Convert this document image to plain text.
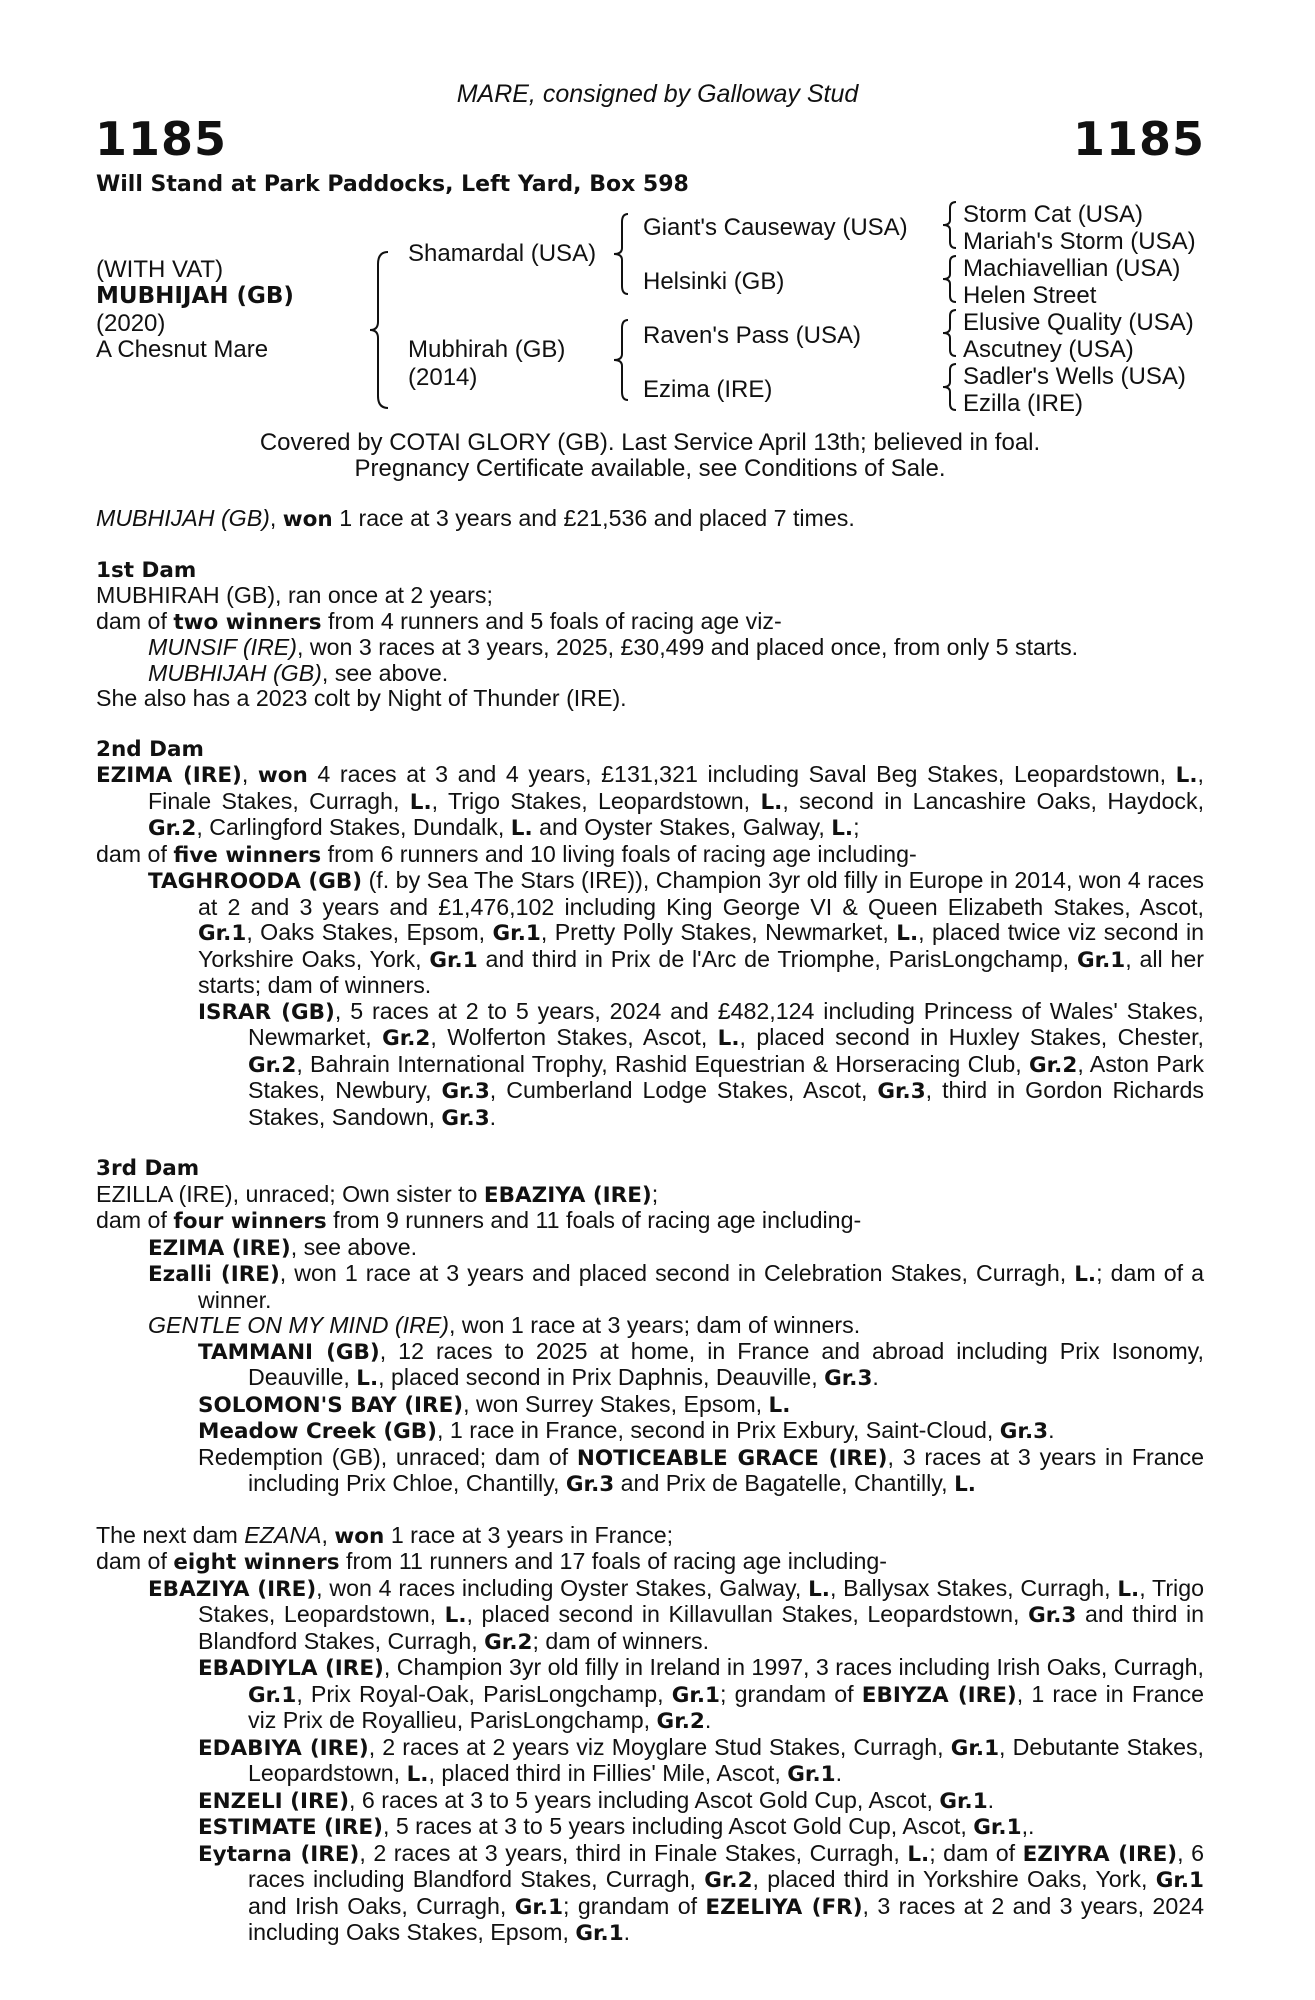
MARE, consigned by Galloway Stud
1185	1185
Will Stand at Park Paddocks, Left Yard, Box 598
(WITH VAT)
MUBHIJAH (GB)
(2020)
A Chesnut Mare
Shamardal (USA)
Mubhirah (GB)
(2014)
Giant's Causeway (USA)
Helsinki (GB)
Raven's Pass (USA)
Ezima (IRE)
Storm Cat (USA)
Mariah's Storm (USA)
Machiavellian (USA)
Helen Street
Elusive Quality (USA)
Ascutney (USA)
Sadler's Wells (USA)
Ezilla (IRE)
Covered by COTAI GLORY (GB). Last Service April 13th; believed in foal.
Pregnancy Certificate available, see Conditions of Sale.

MUBHIJAH (GB), won 1 race at 3 years and £21,536 and placed 7 times.

1st Dam

MUBHIRAH (GB), ran once at 2 years;

dam of two winners from 4 runners and 5 foals of racing age viz-

MUNSIF (IRE), won 3 races at 3 years, 2025, £30,499 and placed once, from only 5 starts.

MUBHIJAH (GB), see above.

She also has a 2023 colt by Night of Thunder (IRE).

2nd Dam

EZIMA (IRE), won 4 races at 3 and 4 years, £131,321 including Saval Beg Stakes, Leopardstown, L., Finale Stakes, Curragh, L., Trigo Stakes, Leopardstown, L., second in Lancashire Oaks, Haydock, Gr.2, Carlingford Stakes, Dundalk, L. and Oyster Stakes, Galway, L.;

dam of five winners from 6 runners and 10 living foals of racing age including-

TAGHROODA (GB) (f. by Sea The Stars (IRE)), Champion 3yr old filly in Europe in 2014, won 4 races at 2 and 3 years and £1,476,102 including King George VI & Queen Elizabeth Stakes, Ascot, Gr.1, Oaks Stakes, Epsom, Gr.1, Pretty Polly Stakes, Newmarket, L., placed twice viz second in Yorkshire Oaks, York, Gr.1 and third in Prix de l'Arc de Triomphe, ParisLongchamp, Gr.1, all her starts; dam of winners.

ISRAR (GB), 5 races at 2 to 5 years, 2024 and £482,124 including Princess of Wales' Stakes, Newmarket, Gr.2, Wolferton Stakes, Ascot, L., placed second in Huxley Stakes, Chester, Gr.2, Bahrain International Trophy, Rashid Equestrian & Horseracing Club, Gr.2, Aston Park Stakes, Newbury, Gr.3, Cumberland Lodge Stakes, Ascot, Gr.3, third in Gordon Richards Stakes, Sandown, Gr.3.

3rd Dam

EZILLA (IRE), unraced; Own sister to EBAZIYA (IRE);

dam of four winners from 9 runners and 11 foals of racing age including-

EZIMA (IRE), see above.

Ezalli (IRE), won 1 race at 3 years and placed second in Celebration Stakes, Curragh, L.; dam of a winner.

GENTLE ON MY MIND (IRE), won 1 race at 3 years; dam of winners.

TAMMANI (GB), 12 races to 2025 at home, in France and abroad including Prix Isonomy, Deauville, L., placed second in Prix Daphnis, Deauville, Gr.3.

SOLOMON'S BAY (IRE), won Surrey Stakes, Epsom, L.

Meadow Creek (GB), 1 race in France, second in Prix Exbury, Saint-Cloud, Gr.3.

Redemption (GB), unraced; dam of NOTICEABLE GRACE (IRE), 3 races at 3 years in France including Prix Chloe, Chantilly, Gr.3 and Prix de Bagatelle, Chantilly, L.

The next dam EZANA, won 1 race at 3 years in France;

dam of eight winners from 11 runners and 17 foals of racing age including-

EBAZIYA (IRE), won 4 races including Oyster Stakes, Galway, L., Ballysax Stakes, Curragh, L., Trigo Stakes, Leopardstown, L., placed second in Killavullan Stakes, Leopardstown, Gr.3 and third in Blandford Stakes, Curragh, Gr.2; dam of winners.

EBADIYLA (IRE), Champion 3yr old filly in Ireland in 1997, 3 races including Irish Oaks, Curragh, Gr.1, Prix Royal-Oak, ParisLongchamp, Gr.1; grandam of EBIYZA (IRE), 1 race in France viz Prix de Royallieu, ParisLongchamp, Gr.2.

EDABIYA (IRE), 2 races at 2 years viz Moyglare Stud Stakes, Curragh, Gr.1, Debutante Stakes, Leopardstown, L., placed third in Fillies' Mile, Ascot, Gr.1.

ENZELI (IRE), 6 races at 3 to 5 years including Ascot Gold Cup, Ascot, Gr.1.

ESTIMATE (IRE), 5 races at 3 to 5 years including Ascot Gold Cup, Ascot, Gr.1,.

Eytarna (IRE), 2 races at 3 years, third in Finale Stakes, Curragh, L.; dam of EZIYRA (IRE), 6 races including Blandford Stakes, Curragh, Gr.2, placed third in Yorkshire Oaks, York, Gr.1 and Irish Oaks, Curragh, Gr.1; grandam of EZELIYA (FR), 3 races at 2 and 3 years, 2024 including Oaks Stakes, Epsom, Gr.1.
